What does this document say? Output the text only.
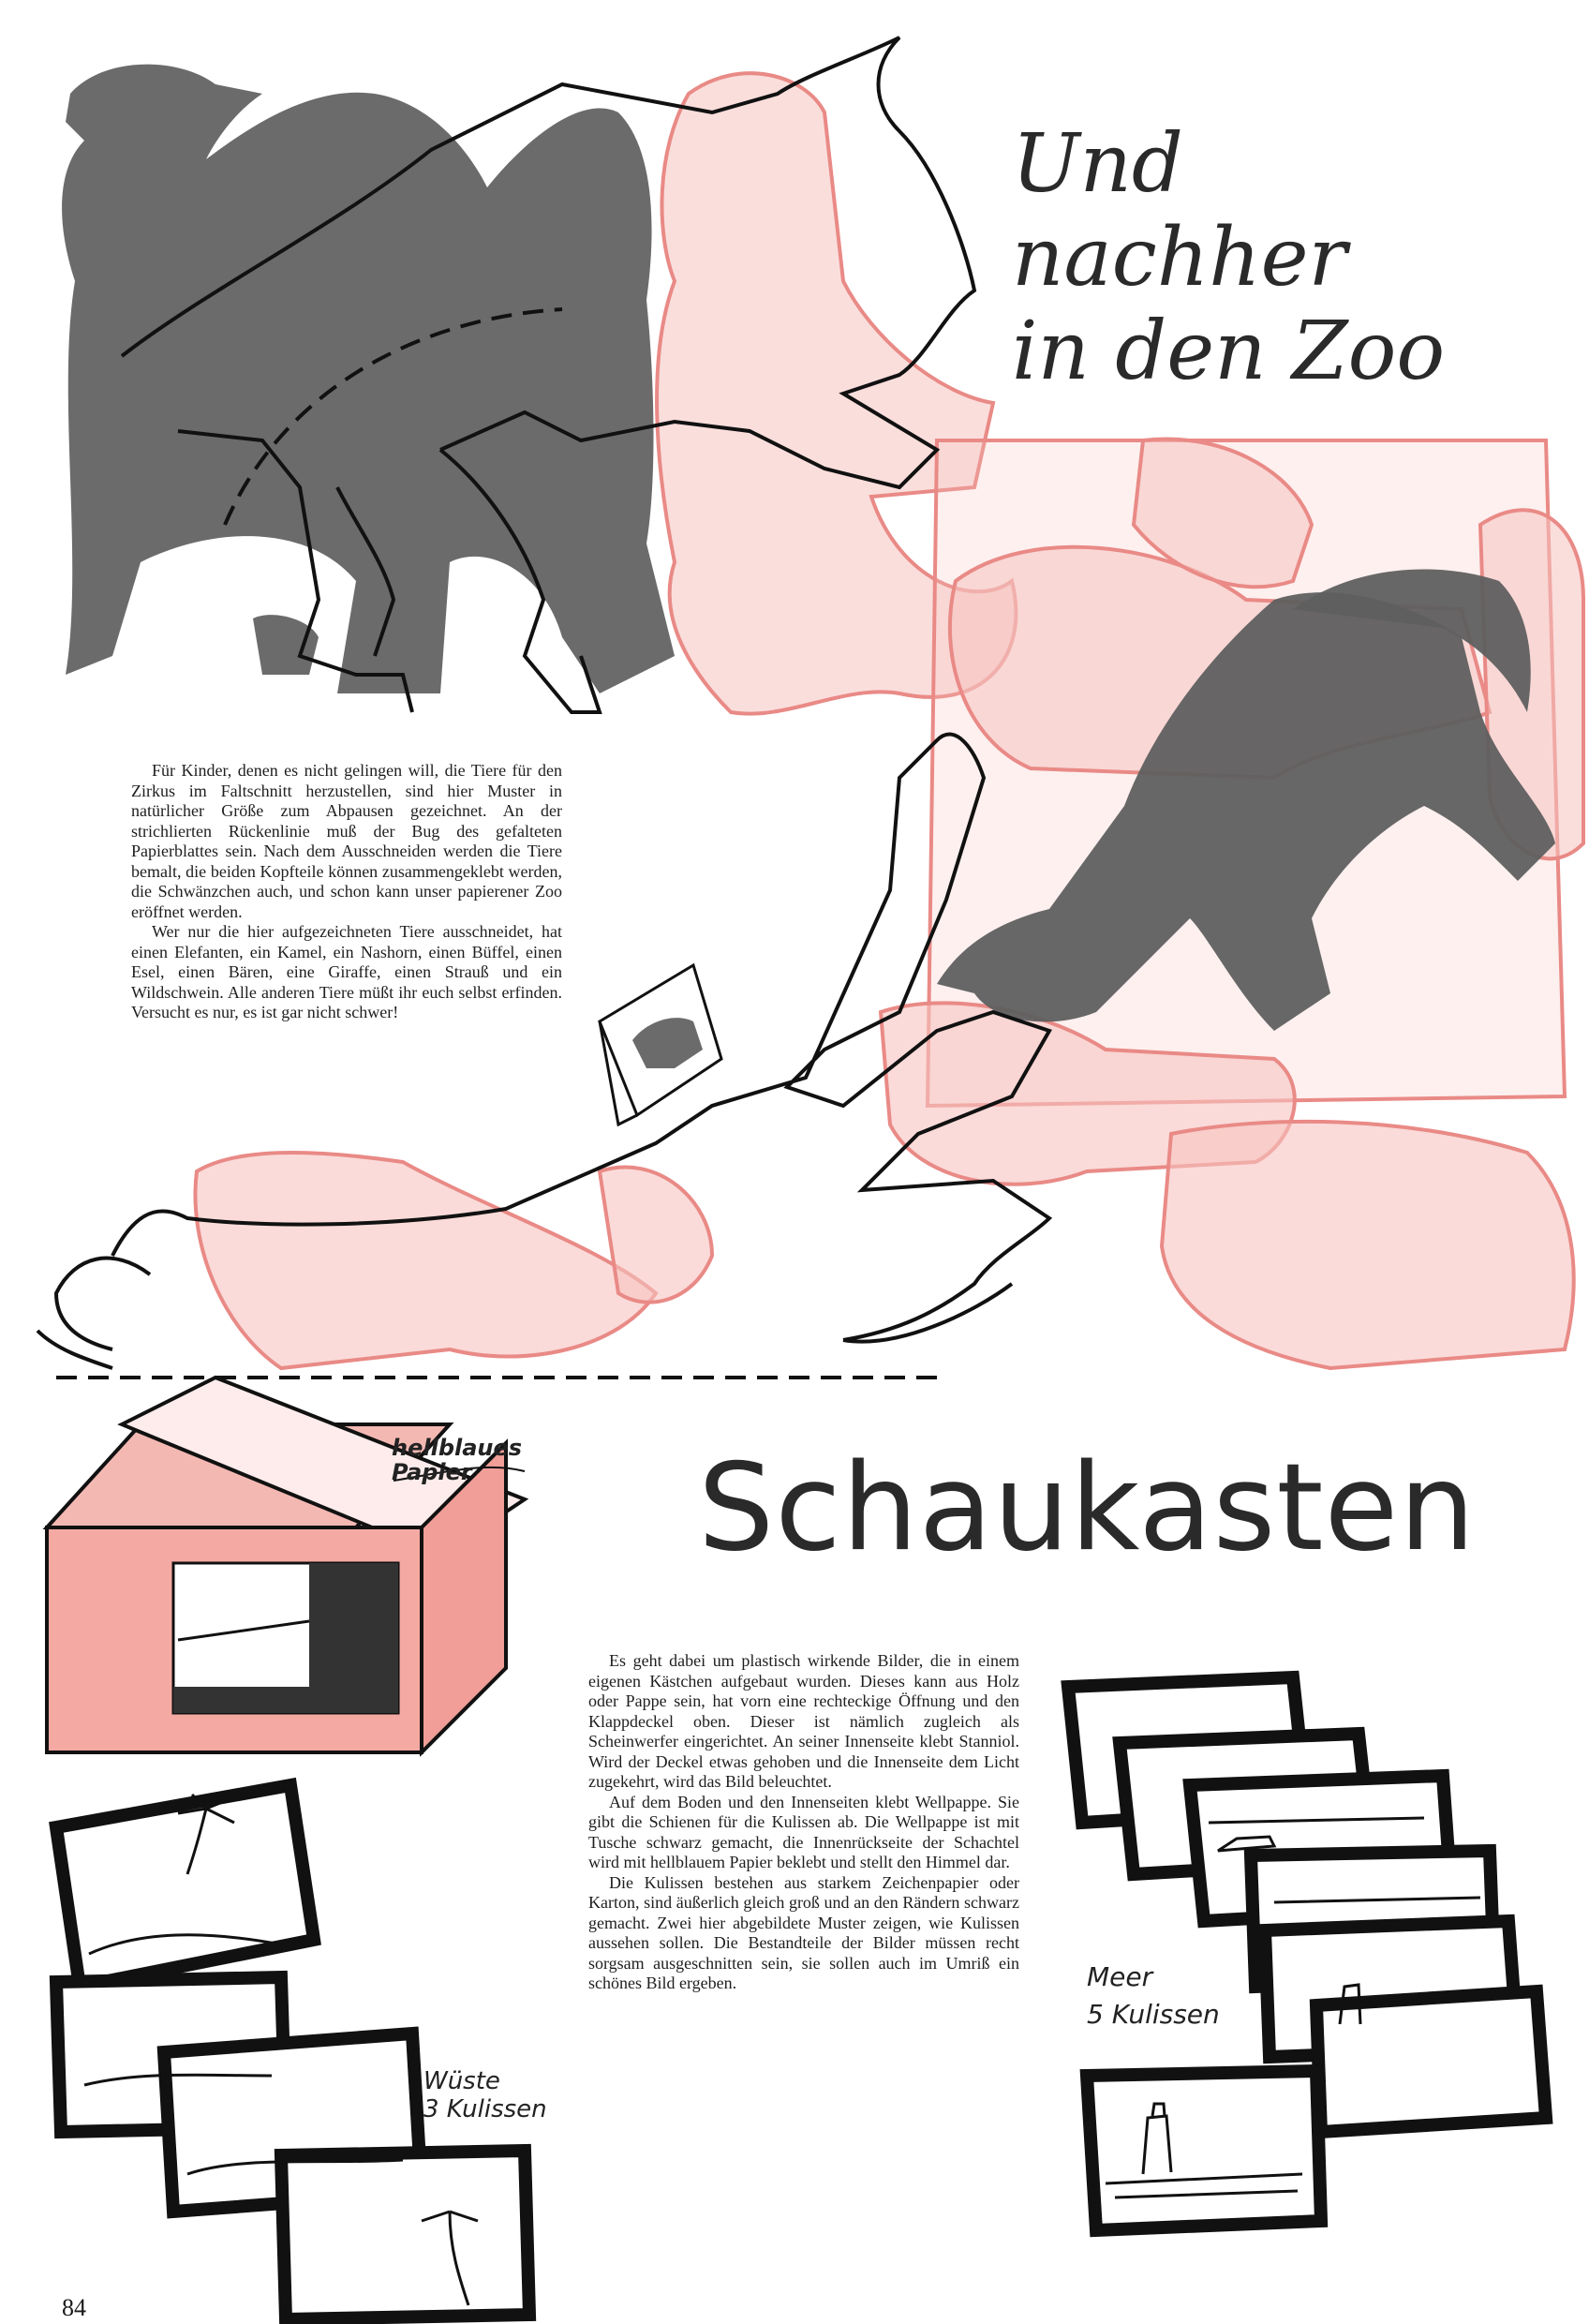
Und nachher
in den Zoo

Für Kinder, denen es nicht gelingen will, die Tiere für den Zirkus im Faltschnitt herzustellen, sind hier Muster in natürlicher Größe zum Abpausen gezeichnet. An der strichlierten Rückenlinie muß der Bug des gefalteten Papierblattes sein. Nach dem Ausschneiden werden die Tiere bemalt, die beiden Kopfteile können zusammengeklebt werden, die Schwänzchen auch, und schon kann unser papierener Zoo eröffnet werden.

Wer nur die hier aufgezeichneten Tiere ausschneidet, hat einen Elefanten, ein Kamel, ein Nashorn, einen Büffel, einen Esel, einen Bären, eine Giraffe, einen Strauß und ein Wildschwein. Alle anderen Tiere müßt ihr euch selbst erfinden. Versucht es nur, es ist gar nicht schwer!

Schaukasten
hellblaues
Papier
Wüste
3 Kulissen
Meer
5 Kulissen

Es geht dabei um plastisch wirkende Bilder, die in einem eigenen Kästchen aufgebaut wurden. Dieses kann aus Holz oder Pappe sein, hat vorn eine rechteckige Öffnung und den Klappdeckel oben. Dieser ist nämlich zugleich als Scheinwerfer eingerichtet. An seiner Innenseite klebt Stanniol. Wird der Deckel etwas gehoben und die Innenseite dem Licht zugekehrt, wird das Bild beleuchtet.

Auf dem Boden und den Innenseiten klebt Wellpappe. Sie gibt die Schienen für die Kulissen ab. Die Wellpappe ist mit Tusche schwarz gemacht, die Innenrückseite der Schachtel wird mit hellblauem Papier beklebt und stellt den Himmel dar.

Die Kulissen bestehen aus starkem Zeichenpapier oder Karton, sind äußerlich gleich groß und an den Rändern schwarz gemacht. Zwei hier abgebildete Muster zeigen, wie Kulissen aussehen sollen. Die Bestandteile der Bilder müssen recht sorgsam ausgeschnitten sein, sie sollen auch im Umriß ein schönes Bild ergeben.

84
